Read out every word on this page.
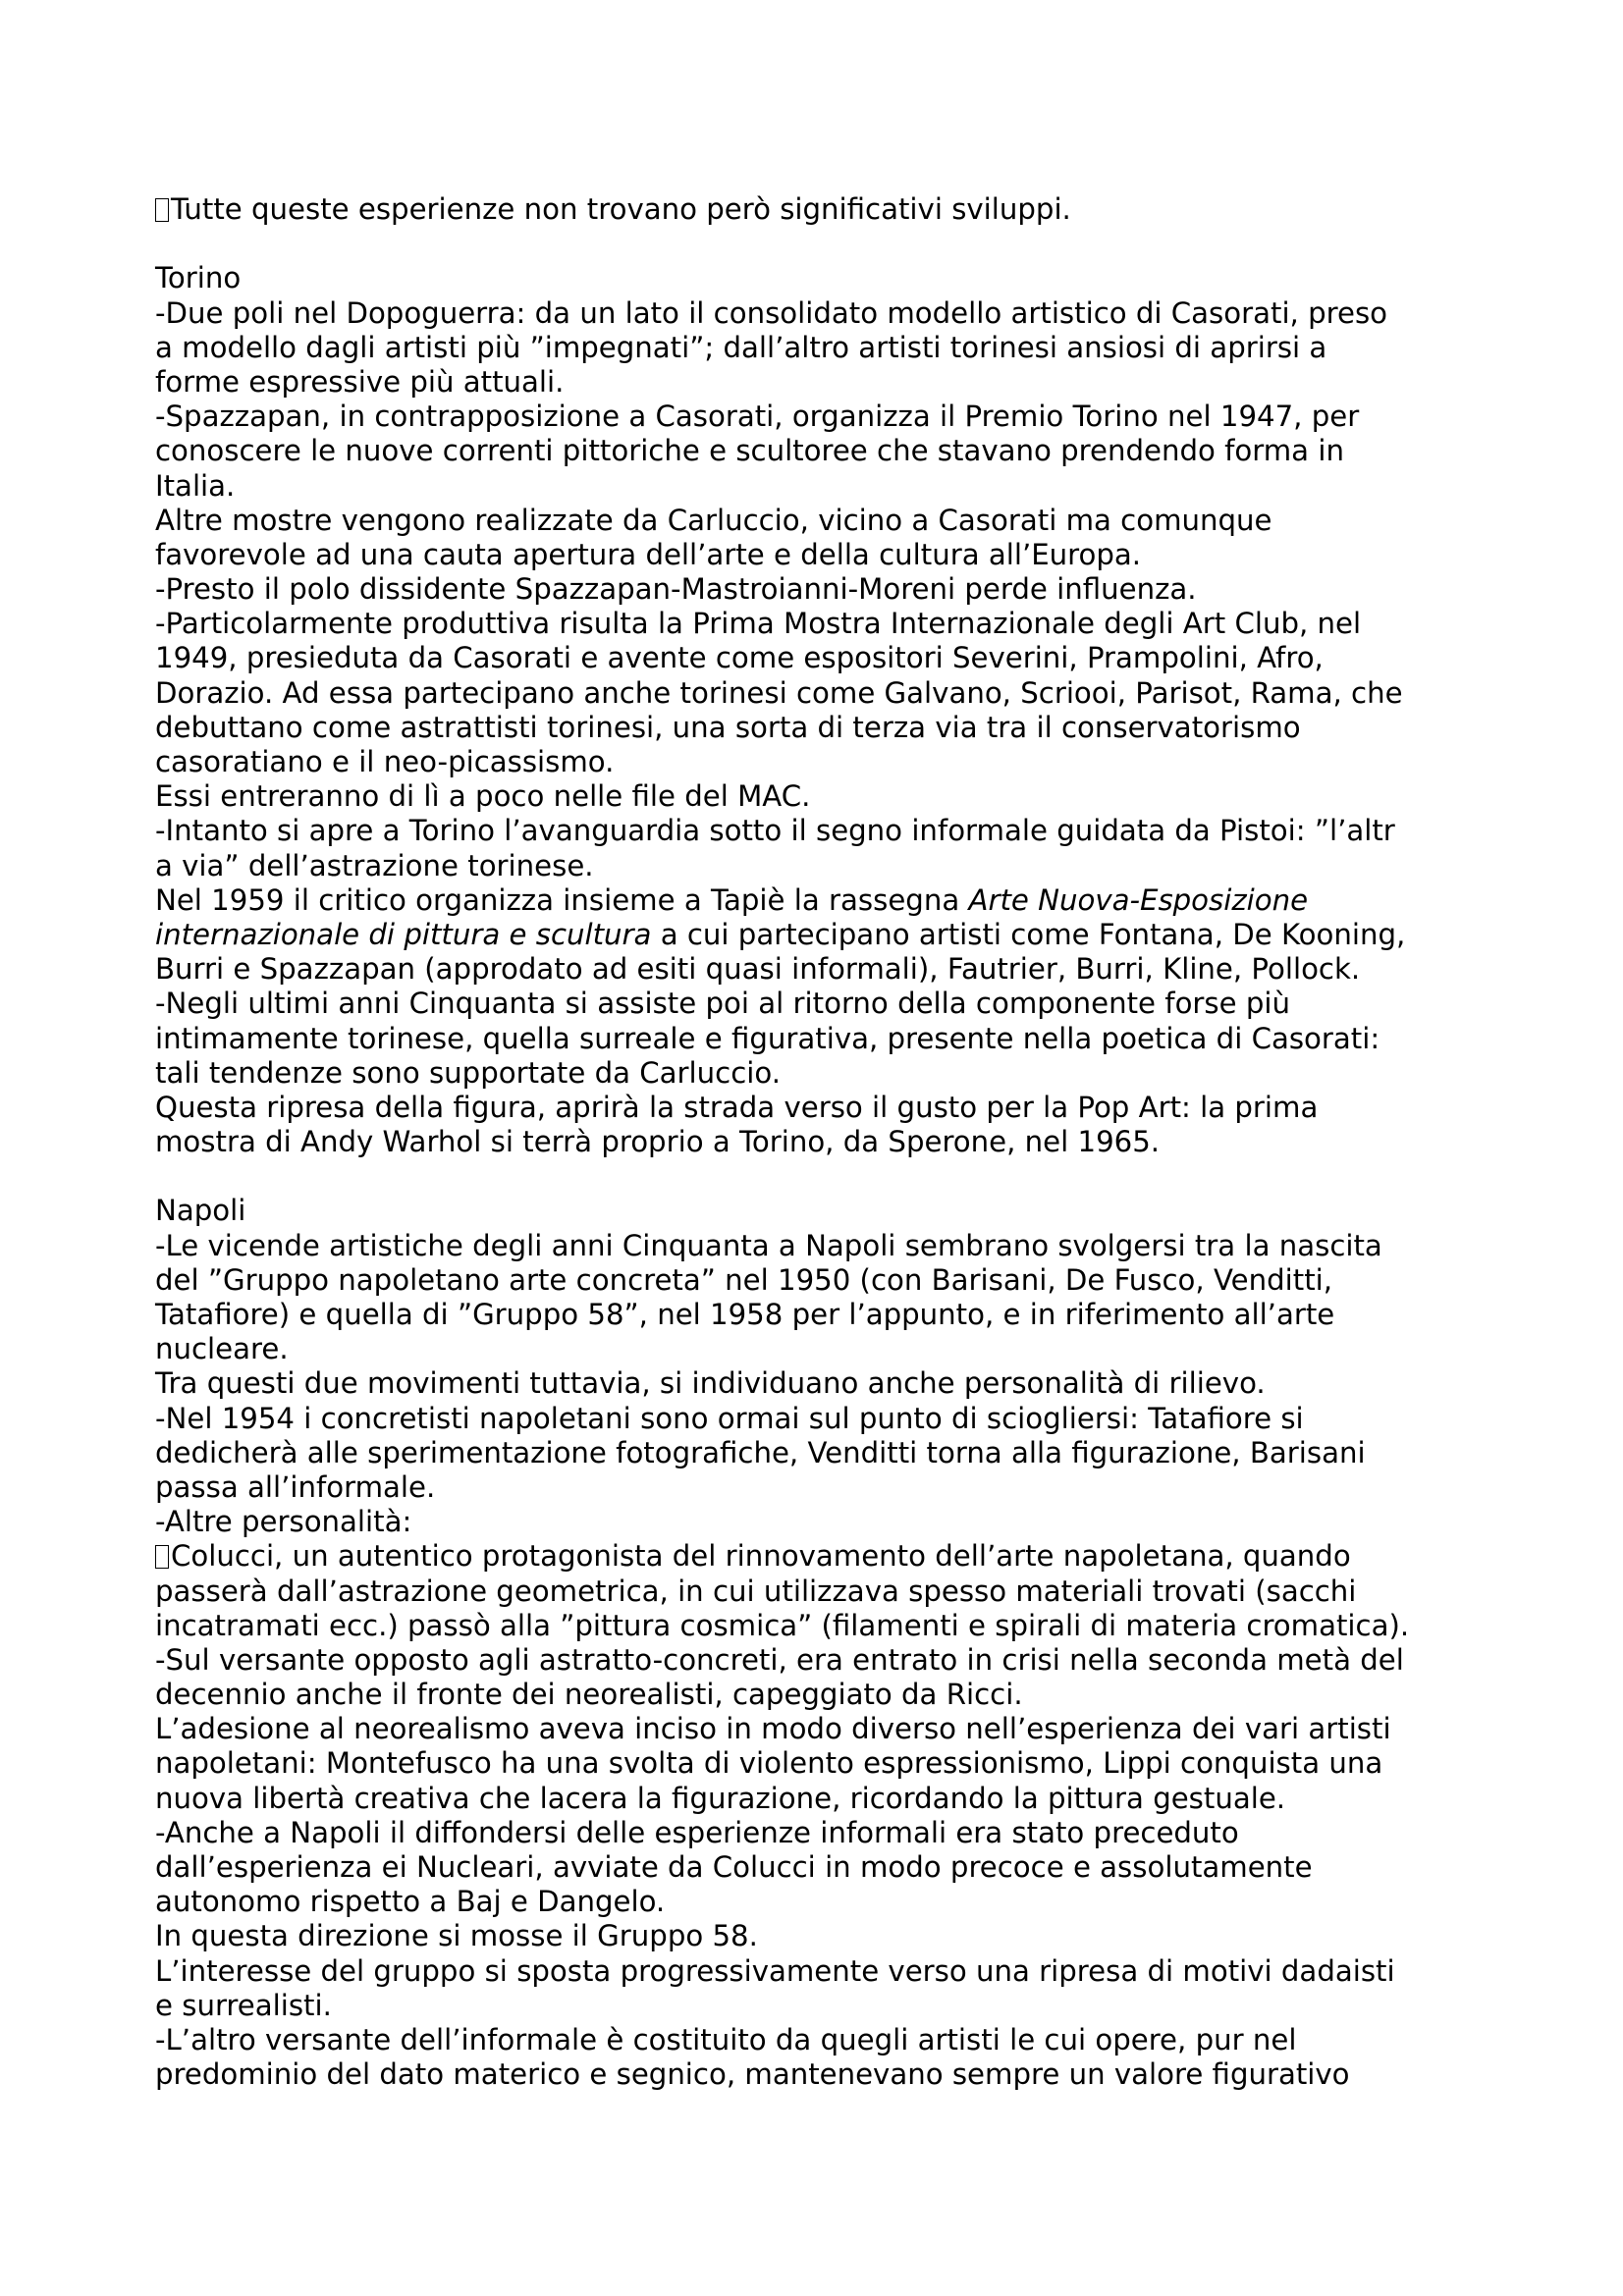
Tutte queste esperienze non trovano però significativi sviluppi.
Torino
-Due poli nel Dopoguerra: da un lato il consolidato modello artistico di Casorati, preso
a modello dagli artisti più ”impegnati”; dall’altro artisti torinesi ansiosi di aprirsi a
forme espressive più attuali.
-Spazzapan, in contrapposizione a Casorati, organizza il Premio Torino nel 1947, per
conoscere le nuove correnti pittoriche e scultoree che stavano prendendo forma in
Italia.
Altre mostre vengono realizzate da Carluccio, vicino a Casorati ma comunque
favorevole ad una cauta apertura dell’arte e della cultura all’Europa.
-Presto il polo dissidente Spazzapan-Mastroianni-Moreni perde influenza.
-Particolarmente produttiva risulta la Prima Mostra Internazionale degli Art Club, nel
1949, presieduta da Casorati e avente come espositori Severini, Prampolini, Afro,
Dorazio. Ad essa partecipano anche torinesi come Galvano, Scriooi, Parisot, Rama, che
debuttano come astrattisti torinesi, una sorta di terza via tra il conservatorismo
casoratiano e il neo-picassismo.
Essi entreranno di lì a poco nelle file del MAC.
-Intanto si apre a Torino l’avanguardia sotto il segno informale guidata da Pistoi: ”l’altr
a via” dell’astrazione torinese.
Nel 1959 il critico organizza insieme a Tapiè la rassegna Arte Nuova-Esposizione
internazionale di pittura e scultura a cui partecipano artisti come Fontana, De Kooning,
Burri e Spazzapan (approdato ad esiti quasi informali), Fautrier, Burri, Kline, Pollock.
-Negli ultimi anni Cinquanta si assiste poi al ritorno della componente forse più
intimamente torinese, quella surreale e figurativa, presente nella poetica di Casorati:
tali tendenze sono supportate da Carluccio.
Questa ripresa della figura, aprirà la strada verso il gusto per la Pop Art: la prima
mostra di Andy Warhol si terrà proprio a Torino, da Sperone, nel 1965.
Napoli
-Le vicende artistiche degli anni Cinquanta a Napoli sembrano svolgersi tra la nascita
del ”Gruppo napoletano arte concreta” nel 1950 (con Barisani, De Fusco, Venditti,
Tatafiore) e quella di ”Gruppo 58”, nel 1958 per l’appunto, e in riferimento all’arte
nucleare.
Tra questi due movimenti tuttavia, si individuano anche personalità di rilievo.
-Nel 1954 i concretisti napoletani sono ormai sul punto di sciogliersi: Tatafiore si
dedicherà alle sperimentazione fotografiche, Venditti torna alla figurazione, Barisani
passa all’informale.
-Altre personalità:
Colucci, un autentico protagonista del rinnovamento dell’arte napoletana, quando
passerà dall’astrazione geometrica, in cui utilizzava spesso materiali trovati (sacchi
incatramati ecc.) passò alla ”pittura cosmica” (filamenti e spirali di materia cromatica).
-Sul versante opposto agli astratto-concreti, era entrato in crisi nella seconda metà del
decennio anche il fronte dei neorealisti, capeggiato da Ricci.
L’adesione al neorealismo aveva inciso in modo diverso nell’esperienza dei vari artisti
napoletani: Montefusco ha una svolta di violento espressionismo, Lippi conquista una
nuova libertà creativa che lacera la figurazione, ricordando la pittura gestuale.
-Anche a Napoli il diffondersi delle esperienze informali era stato preceduto
dall’esperienza ei Nucleari, avviate da Colucci in modo precoce e assolutamente
autonomo rispetto a Baj e Dangelo.
In questa direzione si mosse il Gruppo 58.
L’interesse del gruppo si sposta progressivamente verso una ripresa di motivi dadaisti
e surrealisti.
-L’altro versante dell’informale è costituito da quegli artisti le cui opere, pur nel
predominio del dato materico e segnico, mantenevano sempre un valore figurativo
